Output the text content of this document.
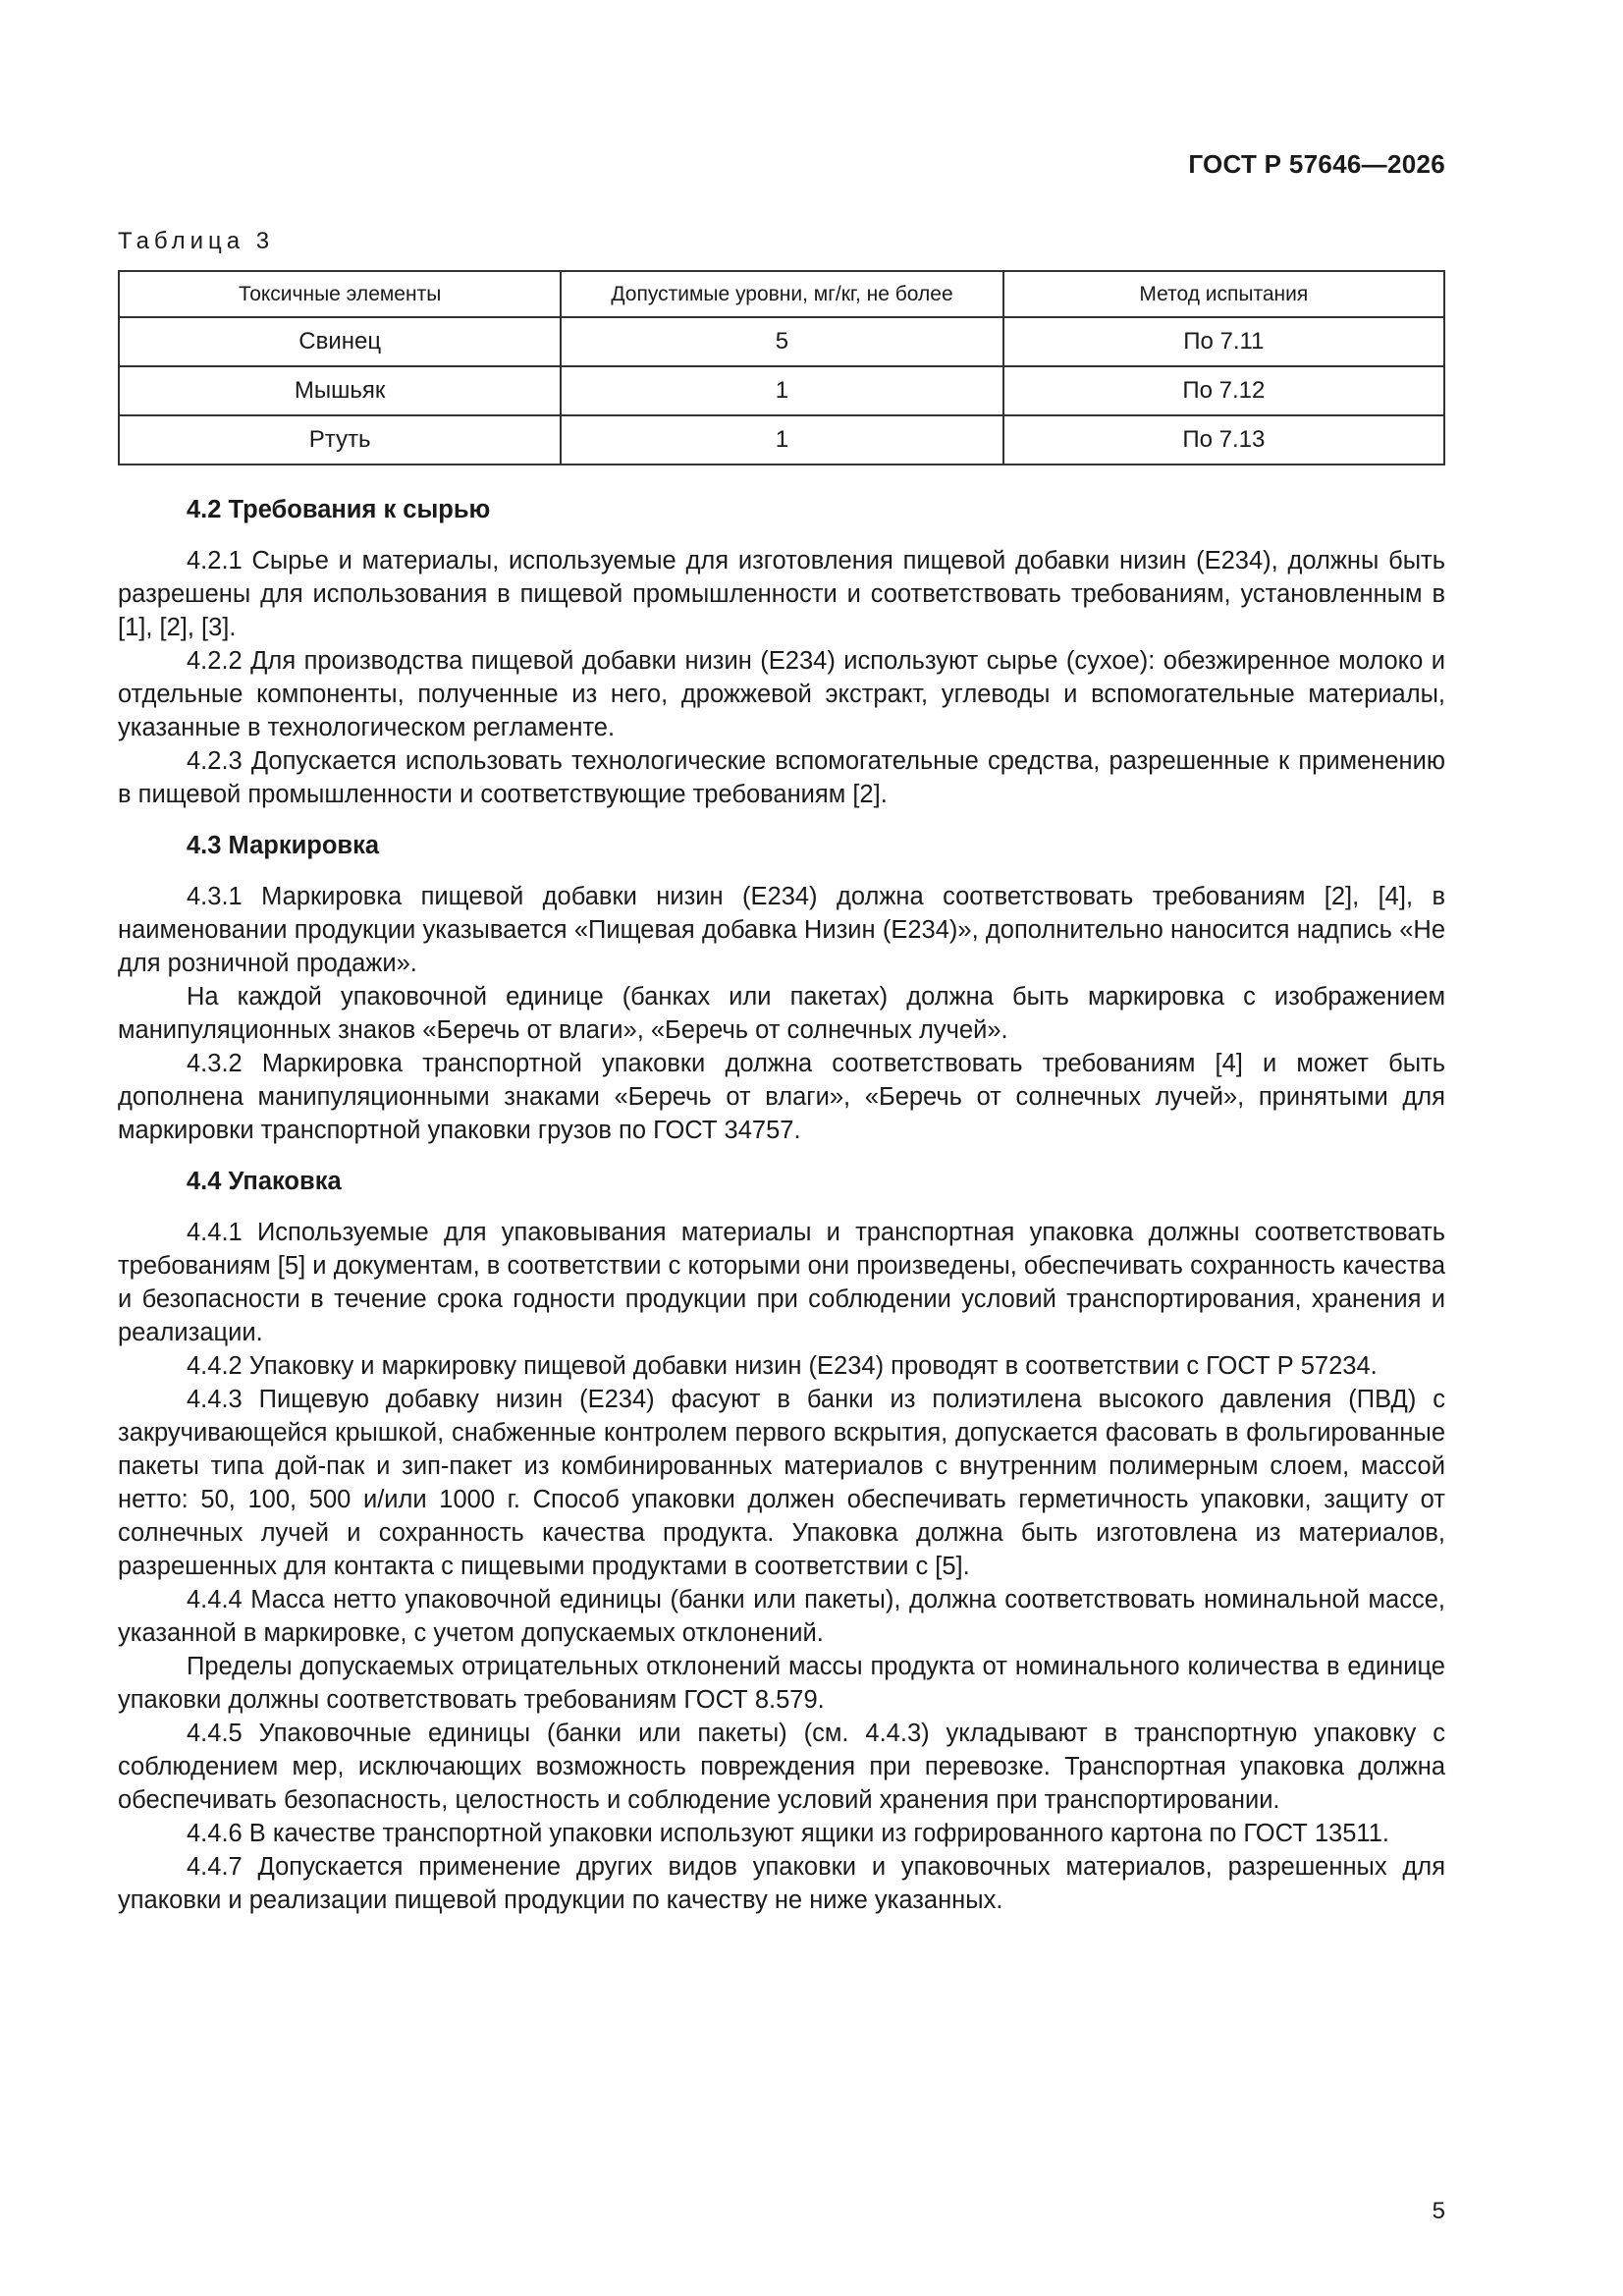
ГОСТ Р 57646—2026
Таблица 3
Токсичные элементы	Допустимые уровни, мг/кг, не более	Метод испытания
Свинец	5	По 7.11
Мышьяк	1	По 7.12
Ртуть	1	По 7.13
4.2 Требования к сырью

4.2.1 Сырье и материалы, используемые для изготовления пищевой добавки низин (Е234), должны быть разрешены для использования в пищевой промышленности и соответствовать требованиям, установленным в [1], [2], [3].

4.2.2 Для производства пищевой добавки низин (Е234) используют сырье (сухое): обезжиренное молоко и отдельные компоненты, полученные из него, дрожжевой экстракт, углеводы и вспомогательные материалы, указанные в технологическом регламенте.

4.2.3 Допускается использовать технологические вспомогательные средства, разрешенные к применению в пищевой промышленности и соответствующие требованиям [2].

4.3 Маркировка

4.3.1 Маркировка пищевой добавки низин (Е234) должна соответствовать требованиям [2], [4], в наименовании продукции указывается «Пищевая добавка Низин (Е234)», дополнительно наносится надпись «Не для розничной продажи».

На каждой упаковочной единице (банках или пакетах) должна быть маркировка с изображением манипуляционных знаков «Беречь от влаги», «Беречь от солнечных лучей».

4.3.2 Маркировка транспортной упаковки должна соответствовать требованиям [4] и может быть дополнена манипуляционными знаками «Беречь от влаги», «Беречь от солнечных лучей», принятыми для маркировки транспортной упаковки грузов по ГОСТ 34757.

4.4 Упаковка

4.4.1 Используемые для упаковывания материалы и транспортная упаковка должны соответствовать требованиям [5] и документам, в соответствии с которыми они произведены, обеспечивать сохранность качества и безопасности в течение срока годности продукции при соблюдении условий транспортирования, хранения и реализации.

4.4.2 Упаковку и маркировку пищевой добавки низин (Е234) проводят в соответствии с ГОСТ Р 57234.

4.4.3 Пищевую добавку низин (Е234) фасуют в банки из полиэтилена высокого давления (ПВД) с закручивающейся крышкой, снабженные контролем первого вскрытия, допускается фасовать в фольгированные пакеты типа дой-пак и зип-пакет из комбинированных материалов с внутренним полимерным слоем, массой нетто: 50, 100, 500 и/или 1000 г. Способ упаковки должен обеспечивать герметичность упаковки, защиту от солнечных лучей и сохранность качества продукта. Упаковка должна быть изготовлена из материалов, разрешенных для контакта с пищевыми продуктами в соответствии с [5].

4.4.4 Масса нетто упаковочной единицы (банки или пакеты), должна соответствовать номинальной массе, указанной в маркировке, с учетом допускаемых отклонений.

Пределы допускаемых отрицательных отклонений массы продукта от номинального количества в единице упаковки должны соответствовать требованиям ГОСТ 8.579.

4.4.5 Упаковочные единицы (банки или пакеты) (см. 4.4.3) укладывают в транспортную упаковку с соблюдением мер, исключающих возможность повреждения при перевозке. Транспортная упаковка должна обеспечивать безопасность, целостность и соблюдение условий хранения при транспортировании.

4.4.6 В качестве транспортной упаковки используют ящики из гофрированного картона по ГОСТ 13511.

4.4.7 Допускается применение других видов упаковки и упаковочных материалов, разрешенных для упаковки и реализации пищевой продукции по качеству не ниже указанных.

5
